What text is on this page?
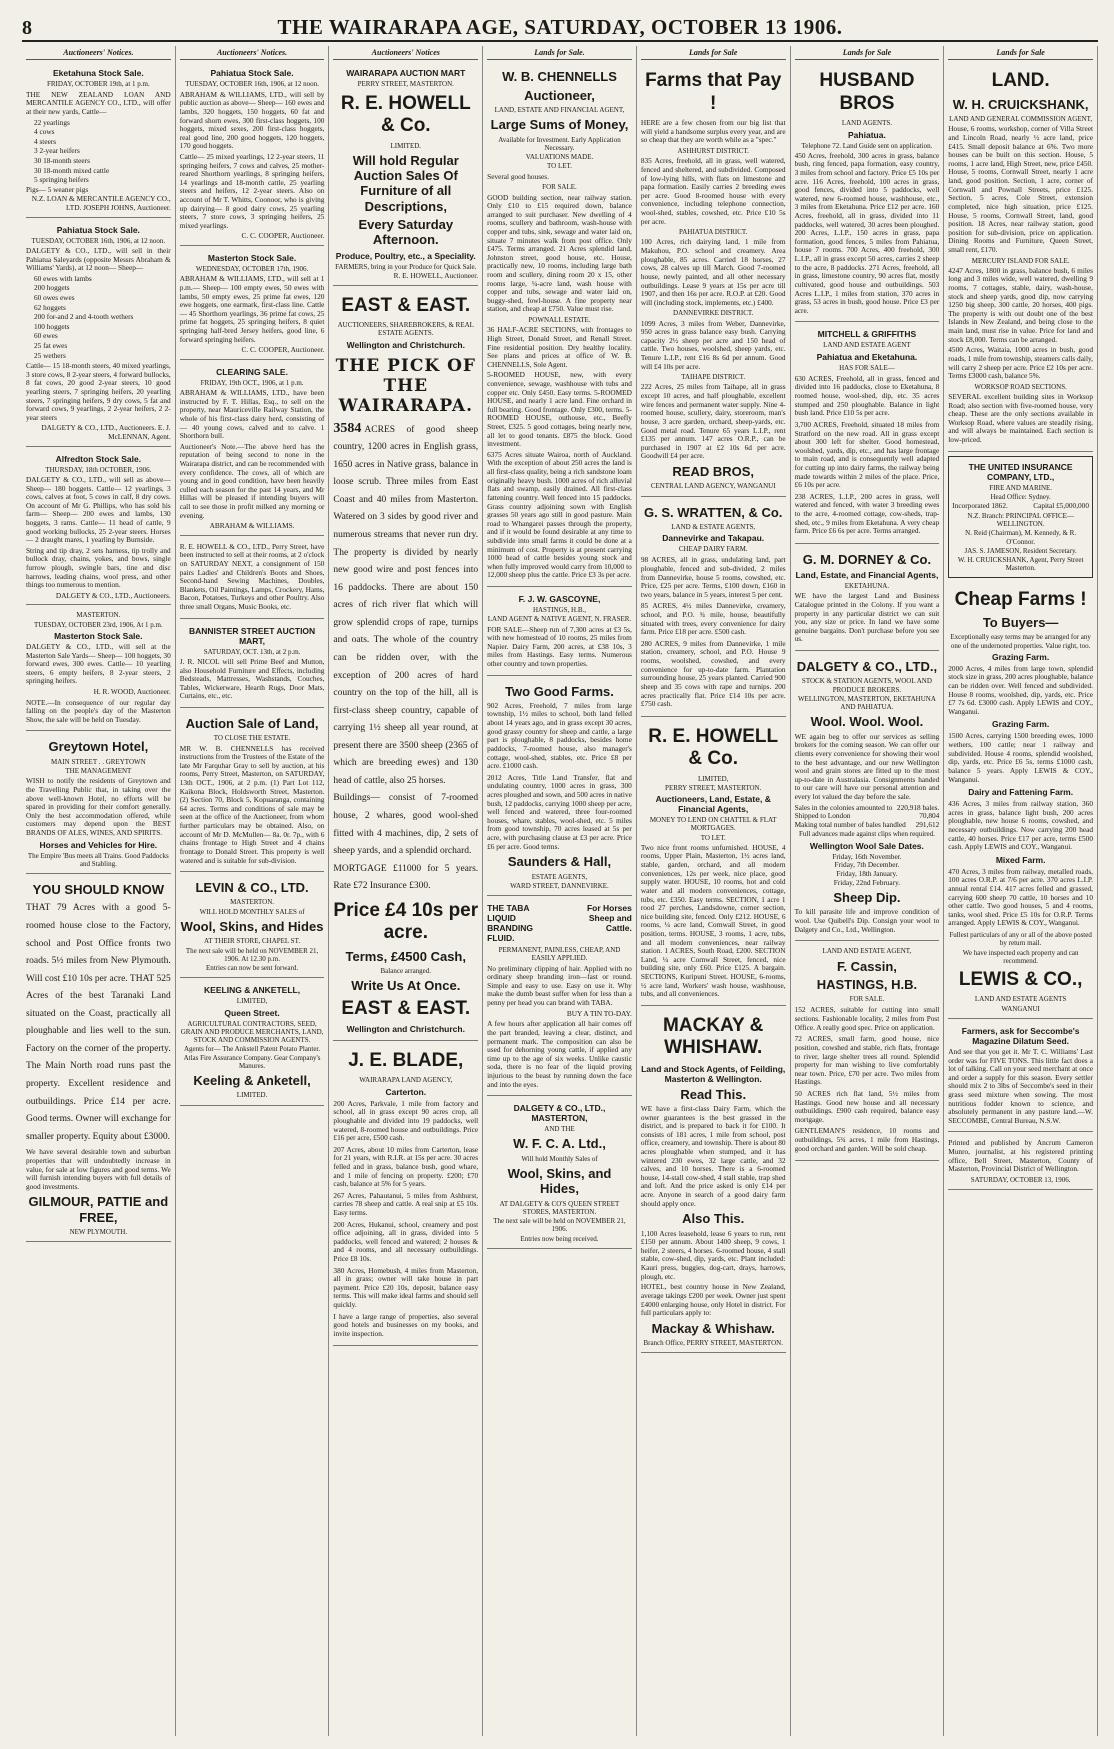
8	THE WAIRARAPA AGE, SATURDAY, OCTOBER 13 1906.
Auctioneers' Notices.
Eketahuna Stock Sale.
FRIDAY, OCTOBER 19th, at 1 p.m.
THE NEW ZEALAND LOAN AND MERCANTILE AGENCY CO., LTD., will offer at their new yards, Cattle—
22 yearlings
4 cows
4 steers
3 2-year heifers
30 18-month steers
30 18-month mixed cattle
5 springing heifers
Pigs— 5 weaner pigs
N.Z. LOAN & MERCANTILE AGENCY CO., LTD. JOSEPH JOHNS, Auctioneer.
Pahiatua Stock Sale.
TUESDAY, OCTOBER 16th, 1906, at 12 noon.
DALGETY & CO., LTD., will sell in their Pahiatua Saleyards (opposite Messrs Abraham & Williams' Yards), at 12 noon— Sheep—
60 ewes with lambs
200 hoggets
60 owes ewes
62 hoggets
200 for-and 2 and 4-tooth wethers
100 hoggets
60 ewes
25 fat ewes
25 wethers
Cattle— 15 18-month steers, 40 mixed yearlings, 3 store cows, 8 2-year steers, 4 forward bullocks, 8 fat cows, 20 good 2-year steers, 10 good yearling steers, 7 springing heifers, 20 yearling steers, 7 springing heifers, 9 dry cows, 5 fat and forward cows, 9 yearlings, 2 2-year heifers, 2 2-year steers
DALGETY & CO., LTD., Auctioneers. E. J. McLENNAN, Agent.
Alfredton Stock Sale.
THURSDAY, 18th OCTOBER, 1906.
DALGETY & CO., LTD., will sell as above— Sheep— 180 hoggets. Cattle— 12 yearlings, 3 cows, calves at foot, 5 cows in calf, 8 dry cows. On account of Mr G. Phillips, who has sold his farm— Sheep— 200 ewes and lambs, 130 hoggets, 3 rams. Cattle— 11 head of cattle, 9 good working bullocks, 25 2-year steers. Horses— 2 draught mares, 1 yearling by Burnside.
String and tip dray, 2 sets harness, tip trolly and bullock dray, chains, yokes, and bows, single furrow plough, swingle bars, tine and disc harrows, leading chains, wool press, and other things too numerous to mention.
DALGETY & CO., LTD., Auctioneers.
MASTERTON.
TUESDAY, OCTOBER 23rd, 1906, At 1 p.m.
Masterton Stock Sale.
DALGETY & CO., LTD., will sell at the Masterton Sale Yards— Sheep— 100 hoggets, 30 forward ewes, 300 ewes. Cattle— 10 yearling steers, 6 empty heifers, 8 2-year steers, 2 springing heifers.
H. R. WOOD, Auctioneer.
NOTE.—In consequence of our regular day falling on the people's day of the Masterton Show, the sale will be held on Tuesday.
Greytown Hotel,
MAIN STREET . . GREYTOWN
THE MANAGEMENT
WISH to notify the residents of Greytown and the Travelling Public that, in taking over the above well-known Hotel, no efforts will be spared in providing for their comfort generally. Only the best accommodation offered, while customers may depend upon the BEST BRANDS OF ALES, WINES, AND SPIRITS.
Horses and Vehicles for Hire.
The Empire 'Bus meets all Trains. Good Paddocks and Stabling.
YOU SHOULD KNOW
THAT 79 Acres with a good 5-roomed house close to the Factory, school and Post Office fronts two roads. 5½ miles from New Plymouth. Will cost £10 10s per acre. THAT 525 Acres of the best Taranaki Land situated on the Coast, practically all ploughable and lies well to the sun. Factory on the corner of the property. The Main North road runs past the property. Excellent residence and outbuildings. Price £14 per acre. Good terms. Owner will exchange for smaller property. Equity about £3000.
We have several desirable town and suburban properties that will undoubtedly increase in value, for sale at low figures and good terms. We will furnish intending buyers with full details of good investments.
GILMOUR, PATTIE and FREE,
NEW PLYMOUTH.
Auctioneers' Notices.
Pahiatua Stock Sale.
TUESDAY, OCTOBER 16th, 1906, at 12 noon.
ABRAHAM & WILLIAMS, LTD., will sell by public auction as above— Sheep— 160 ewes and lambs, 320 hoggets, 150 hoggets, 60 fat and forward shorn ewes, 300 first-class hoggets, 100 hoggets, mixed sexes, 200 first-class hoggets, real good line, 200 good hoggets, 120 hoggets, 170 good hoggets.
Cattle— 25 mixed yearlings, 12 2-year steers, 11 springing heifers, 7 cows and calves, 25 mother-reared Shorthorn yearlings, 8 springing heifers, 14 yearlings and 18-month cattle, 25 yearling steers and heifers, 12 2-year steers. Also on account of Mr T. Whitts, Coonoor, who is giving up dairying— 8 good dairy cows, 25 yearling steers, 7 store cows, 3 springing heifers, 25 mixed yearlings.
C. C. COOPER, Auctioneer.
Masterton Stock Sale.
WEDNESDAY, OCTOBER 17th, 1906.
ABRAHAM & WILLIAMS, LTD., will sell at 1 p.m.— Sheep— 100 empty ewes, 50 ewes with lambs, 50 empty ewes, 25 prime fat ewes, 120 ewe hoggets, one earmark, first-class line. Cattle— 45 Shorthorn yearlings, 36 prime fat cows, 25 prime fat hoggets, 25 springing heifers, 8 quiet springing half-bred Jersey heifers, good line, 6 forward springing heifers.
C. C. COOPER, Auctioneer.
CLEARING SALE.
FRIDAY, 19th OCT., 1906, at 1 p.m.
ABRAHAM & WILLIAMS, LTD., have been instructed by F. T. Hillas, Esq., to sell on the property, near Mauriceville Railway Station, the whole of his first-class dairy herd, consisting of— 40 young cows, calved and to calve. 1 Shorthorn bull.
Auctioneer's Note.—The above herd has the reputation of being second to none in the Wairarapa district, and can be recommended with every confidence. The cows, all of which are young and in good condition, have been heavily culled each season for the past 14 years, and Mr Hillas will be pleased if intending buyers will call to see those in profit milked any morning or evening.
ABRAHAM & WILLIAMS.
R. E. HOWELL & CO., LTD., Perry Street, have been instructed to sell at their rooms, at 2 o'clock on SATURDAY NEXT, a consignment of 150 pairs Ladies' and Children's Boots and Shoes, Second-hand Sewing Machines, Doubles, Blankets, Oil Paintings, Lamps, Crockery, Hams, Bacon, Potatoes, Turkeys and other Poultry. Also three small Organs, Music Books, etc.
BANNISTER STREET AUCTION MART,
SATURDAY, OCT. 13th, at 2 p.m.
J. R. NICOL will sell Prime Beef and Mutton, also Household Furniture and Effects, including Bedsteads, Mattresses, Washstands, Couches, Tables, Wickerware, Hearth Rugs, Door Mats, Curtains, etc., etc.
Auction Sale of Land,
TO CLOSE THE ESTATE.
MR W. B. CHENNELLS has received instructions from the Trustees of the Estate of the late Mr Farquhar Gray to sell by auction, at his rooms, Perry Street, Masterton, on SATURDAY, 13th OCT., 1906, at 2 p.m. (1) Part Lot 112, Kaikona Block, Holdsworth Street, Masterton. (2) Section 70, Block 5, Kopuaranga, containing 64 acres. Terms and conditions of sale may be seen at the office of the Auctioneer, from whom further particulars may be obtained. Also, on account of Mr D. McMullen— 8a. 0r. 7p., with 6 chains frontage to High Street and 4 chains frontage to Donald Street. This property is well watered and is suitable for sub-division.
LEVIN & CO., LTD.
MASTERTON.
WILL HOLD MONTHLY SALES of
Wool, Skins, and Hides
AT THEIR STORE, CHAPEL ST.
The next sale will be held on NOVEMBER 21, 1906. At 12.30 p.m.
Entries can now be sent forward.
KEELING & ANKETELL,
LIMITED,
Queen Street.
AGRICULTURAL CONTRACTORS, SEED, GRAIN AND PRODUCE MERCHANTS, LAND, STOCK AND COMMISSION AGENTS.
Agents for— The Ankstell Patent Potato Planter. Atlas Fire Assurance Company. Gear Company's Manures.
Keeling & Anketell,
LIMITED.
Auctioneers' Notices
WAIRARAPA AUCTION MART
PERRY STREET, MASTERTON.
R. E. HOWELL & Co.
LIMITED.
Will hold Regular Auction Sales Of Furniture of all Descriptions,
Every Saturday Afternoon.
Produce, Poultry, etc., a Speciality.
FARMERS, bring in your Produce for Quick Sale.
R. E. HOWELL, Auctioneer.
EAST & EAST.
AUCTIONEERS, SHAREBROKERS, & REAL ESTATE AGENTS.
Wellington and Christchurch.
THE PICK OF THE WAIRARAPA.
3584 ACRES of good sheep country, 1200 acres in English grass, 1650 acres in Native grass, balance in loose scrub. Three miles from East Coast and 40 miles from Masterton. Watered on 3 sides by good river and numerous streams that never run dry. The property is divided by nearly new good wire and post fences into 16 paddocks. There are about 150 acres of rich river flat which will grow splendid crops of rape, turnips and oats. The whole of the country can be ridden over, with the exception of 200 acres of hard country on the top of the hill, all is first-class sheep country, capable of carrying 1½ sheep all year round, at present there are 3500 sheep (2365 of which are breeding ewes) and 130 head of cattle, also 25 horses.
Buildings— consist of 7-roomed house, 2 whares, good wool-shed fitted with 4 machines, dip, 2 sets of sheep yards, and a splendid orchard.
MORTGAGE £11000 for 5 years. Rate £72 Insurance £300.
Price £4 10s per acre.
Terms, £4500 Cash,
Balance arranged.
Write Us At Once.
EAST & EAST.
Wellington and Christchurch.
J. E. BLADE,
WAIRARAPA LAND AGENCY,
Carterton.
200 Acres, Parkvale, 1 mile from factory and school, all in grass except 90 acres crop, all ploughable and divided into 19 paddocks, well watered, 8-roomed house and outbuildings. Price £16 per acre, £500 cash.
207 Acres, about 10 miles from Carterton, lease for 21 years, with R.I.R. at 15s per acre. 30 acres felled and in grass, balance bush, good whare, and 1 mile of fencing on property. £200; £70 cash, balance at 5% for 5 years.
267 Acres, Pahautanui, 5 miles from Ashhurst, carries 78 sheep and cattle. A real snip at £5 10s. Easy terms.
200 Acres, Hukanui, school, creamery and post office adjoining, all in grass, divided into 5 paddocks, well fenced and watered; 2 houses & and 4 rooms, and all necessary outbuildings. Price £8 10s.
380 Acres, Homebush, 4 miles from Masterton, all in grass; owner will take house in part payment. Price £20 10s, deposit, balance easy terms. This will make ideal farms and should sell quickly.
I have a large range of properties, also several good hotels and businesses on my books, and invite inspection.
Lands for Sale.
W. B. CHENNELLS
Auctioneer,
LAND, ESTATE AND FINANCIAL AGENT,
Large Sums of Money,
Available for Investment. Early Application Necessary.
VALUATIONS MADE.
TO LET.
Several good houses.
FOR SALE.
GOOD building section, near railway station. Only £10 to £15 required down, balance arranged to suit purchaser. New dwelling of 4 rooms, scullery and bathroom, wash-house with copper and tubs, sink, sewage and water laid on, situate 7 minutes walk from post office. Only £475. Terms arranged. 21 Acres splendid land, Johnston street, good house, etc. House, practically new, 10 rooms, including large bath room and scullery, dining room 20 x 15, other rooms large, ¼-acre land, wash house with copper and tubs, sewage and water laid on, buggy-shed, fowl-house. A fine property near station, and cheap at £750. Value must rise.
POWNALL ESTATE.
36 HALF-ACRE SECTIONS, with frontages to High Street, Donald Street, and Renall Street. Fine residential position. Dry healthy locality. See plans and prices at office of W. B. CHENNELLS, Sole Agent.
5-ROOMED HOUSE, new, with every convenience, sewage, washhouse with tubs and copper etc. Only £450. Easy terms. 5-ROOMED HOUSE, and nearly 1 acre land. Fine orchard in full bearing. Good frontage. Only £300, terms. 5-ROOMED HOUSE, outhouse, etc., Beefly Street, £325. 5 good cottages, being nearly new, all let to good tenants. £875 the block. Good investment.
6375 Acres situate Wairoa, north of Auckland. With the exception of about 250 acres the land is all first-class quality, being a rich sandstone loam originally heavy bush. 1000 acres of rich alluvial flats and swamp, easily drained. All first-class fattening country. Well fenced into 15 paddocks. Grass country adjoining sown with English grasses 50 years ago still in good pasture. Main road to Whangarei passes through the property, and if it would be found desirable at any time to subdivide into small farms it could be done at a minimum of cost. Property is at present carrying 1000 head of cattle besides young stock and when fully improved would carry from 10,000 to 12,000 sheep plus the cattle. Price £3 3s per acre.
F. J. W. GASCOYNE,
HASTINGS, H.B.,
LAND AGENT & NATIVE AGENT, N. FRASER.
FOR SALE—Sheep run of 7,300 acres at £3 5s, with new homestead of 10 rooms, 25 miles from Napier. Dairy Farm, 200 acres, at £38 10s, 3 miles from Hastings. Easy terms. Numerous other country and town properties.
Two Good Farms.
902 Acres, Freehold, 7 miles from large township, 1½ miles to school, both land felled about 14 years ago, and in grass except 30 acres, good grassy country for sheep and cattle, a large part is ploughable, 8 paddocks, besides home paddocks, 7-roomed house, also manager's cottage, wool-shed, stables, etc. Price £8 per acre. £1000 cash.
2012 Acres, Title Land Transfer, flat and undulating country, 1000 acres in grass, 300 acres ploughed and sown, and 500 acres in native bush, 12 paddocks, carrying 1000 sheep per acre, well fenced and watered, three four-roomed houses, whare, stables, wool-shed, etc. 5 miles from good township, 70 acres leased at 5s per acre, with purchasing clause at £3 per acre. Price £6 per acre. Good terms.
Saunders & Hall,
ESTATE AGENTS,
WARD STREET, DANNEVIRKE.
THE TABA LIQUID BRANDING FLUID.
For Horses Sheep and Cattle.
PERMANENT, PAINLESS, CHEAP, AND EASILY APPLIED.
No preliminary clipping of hair. Applied with no ordinary sheep branding iron—fast or round. Simple and easy to use. Easy on use it. Why make the dumb beast suffer when for less than a penny per head you can brand with TABA.
BUY A TIN TO-DAY.
A few hours after application all hair comes off the part branded, leaving a clear, distinct, and permanent mark. The composition can also be used for dehorning young cattle, if applied any time up to the age of six weeks. Unlike caustic soda, there is no fear of the liquid proving injurious to the beast by running down the face and into the eyes.
DALGETY & CO., LTD., MASTERTON,
AND THE
W. F. C. A. Ltd.,
Will hold Monthly Sales of
Wool, Skins, and Hides,
AT DALGETY & CO'S QUEEN STREET STORES, MASTERTON.
The next sale will be held on NOVEMBER 21, 1906.
Entries now being received.
Lands for Sale
Farms that Pay !
HERE are a few chosen from our big list that will yield a handsome surplus every year, and are so cheap that they are worth while as a "spec."
ASHHURST DISTRICT.
835 Acres, freehold, all in grass, well watered, fenced and sheltered, and subdivided. Composed of low-lying hills, with flats on limestone and papa formation. Easily carries 2 breeding ewes per acre. Good 8-roomed house with every convenience, including telephone connection, wool-shed, stables, cowshed, etc. Price £10 5s per acre.
PAHIATUA DISTRICT.
100 Acres, rich dairying land, 1 mile from Makuhou, P.O. school and creamery. Area ploughable, 85 acres. Carried 18 horses, 27 cows, 28 calves up till March. Good 7-roomed house, newly painted, and all other necessary outbuildings. Lease 9 years at 15s per acre till 1907, and then 16s per acre. R.O.P. at £20. Good will (including stock, implements, etc.) £400.
DANNEVIRKE DISTRICT.
1099 Acres, 3 miles from Weber, Dannevirke, 950 acres in grass balance easy bush. Carrying capacity 2½ sheep per acre and 150 head of cattle. Two houses, woolshed, sheep yards, etc. Tenure L.I.P., rent £16 8s 6d per annum. Good will £4 10s per acre.
TAIHAPE DISTRICT.
222 Acres, 25 miles from Taihape, all in grass except 10 acres, and half ploughable, excellent wire fences and permanent water supply. Nine 4-roomed house, scullery, dairy, storeroom, man's house, 3 acre garden, orchard, sheep-yards, etc. Good metal road. Tenure 65 years L.I.P., rent £135 per annum. 147 acres O.R.P., can be purchased in 1907 at £2 10s 6d per acre. Goodwill £4 per acre.
READ BROS,
CENTRAL LAND AGENCY, WANGANUI
G. S. WRATTEN, & Co.
LAND & ESTATE AGENTS,
Dannevirke and Takapau.
CHEAP DAIRY FARM.
98 ACRES, all in grass, undulating land, part ploughable, fenced and sub-divided, 2 miles from Dannevirke, house 5 rooms, cowshed, etc. Price, £25 per acre. Terms, £100 down, £160 in two years, balance in 5 years, interest 5 per cent.
85 ACRES, 4½ miles Dannevirke, creamery, school, and P.O. ¾ mile, house, beautifully situated with trees, every convenience for dairy farm. Price £18 per acre. £500 cash.
280 ACRES, 9 miles from Dannevirke, 1 mile station, creamery, school, and P.O. House 9 rooms, woolshed, cowshed, and every convenience for up-to-date farm. Plantation surrounding house, 25 years planted. Carried 900 sheep and 35 cows with rape and turnips. 200 acres practically flat. Price £14 10s per acre. £750 cash.
R. E. HOWELL & Co.
LIMITED,
PERRY STREET, MASTERTON.
Auctioneers, Land, Estate, & Financial Agents,
MONEY TO LEND ON CHATTEL & FLAT MORTGAGES.
TO LET.
Two nice front rooms unfurnished. HOUSE, 4 rooms, Upper Plain, Masterton, 1½ acres land, stable, garden, orchard, and all modern conveniences, 12s per week, nice place, good supply water. HOUSE, 10 rooms, hot and cold water and all modern conveniences, cottage, tubs, etc. £350. Easy terms. SECTION, 1 acre 1 rood 27 perches, Landsdowne, corner section, nice building site, fenced. Only £212. HOUSE, 6 rooms, ¼ acre land, Cornwall Street, in good position, terms. HOUSE, 3 rooms, 1 acre, tubs, and all modern conveniences, near railway station. 1 ACRES, South Road, £200. SECTION Land, ¼ acre Cornwall Street, fenced, nice building site, only £60. Price £125. A bargain. SECTIONS, Kuripuni Street. HOUSE, 6-rooms, ½ acre land, Workers' wash house, washhouse, tubs, and all conveniences.
MACKAY & WHISHAW.
Land and Stock Agents, of Feilding, Masterton & Wellington.
Read This.
WE have a first-class Dairy Farm, which the owner guarantees is the best grassed in the district, and is prepared to back it for £100. It consists of 181 acres, 1 mile from school, post office, creamery, and township. There is about 80 acres ploughable when stumped, and it has wintered 230 ewes, 32 large cattle, and 32 calves, and 10 horses. There is a 6-roomed house, 14-stall cow-shed, 4 stall stable, trap shed and loft. And the price asked is only £14 per acre. Anyone in search of a good dairy farm should apply once.
Also This.
1,100 Acres leasehold, lease 6 years to run, rent £150 per annum. About 1400 sheep, 9 cows, 1 heifer, 2 steers, 4 horses. 6-roomed house, 4 stall stable, cow-shed, dip, yards, etc. Plant included: Kauri press, buggies, dog-cart, drays, harrows, plough, etc.
HOTEL, best country house in New Zealand, average takings £200 per week. Owner just spent £4000 enlarging house, only Hotel in district. For full particulars apply to:
Mackay & Whishaw.
Branch Office, PERRY STREET, MASTERTON.
Lands for Sale
HUSBAND BROS
LAND AGENTS.
Pahiatua.
Telephone 72. Land Guide sent on application.
450 Acres, freehold, 300 acres in grass, balance bush, ring fenced, papa formation, easy country, 3 miles from school and factory. Price £5 10s per acre. 116 Acres, freehold, 100 acres in grass, good fences, divided into 5 paddocks, well watered, new 6-roomed house, washhouse, etc., 3 miles from Eketahuna. Price £12 per acre. 160 Acres, freehold, all in grass, divided into 11 paddocks, well watered, 30 acres been ploughed. 200 Acres, L.I.P., 150 acres in grass, papa formation, good fences, 5 miles from Pahiatua, house 7 rooms. 700 Acres, 400 freehold, 300 L.I.P., all in grass except 50 acres, carries 2 sheep to the acre, 8 paddocks. 271 Acres, freehold, all in grass, limestone country, 90 acres flat, mostly cultivated, good house and outbuildings. 503 Acres L.I.P., 1 miles from station, 370 acres in grass, 53 acres in bush, good house. Price £3 per acre.
MITCHELL & GRIFFITHS
LAND AND ESTATE AGENT
Pahiatua and Eketahuna.
HAS FOR SALE—
630 ACRES, Freehold, all in grass, fenced and divided into 16 paddocks, close to Eketahuna, 8 roomed house, wool-shed, dip, etc. 35 acres stumped and 250 ploughable. Balance in light bush land. Price £10 5s per acre.
3,700 ACRES, Freehold, situated 18 miles from Stratford on the new road. All in grass except about 300 left for shelter. Good homestead, woolshed, yards, dip, etc., and has large frontage to main road, and is consequently well adapted for cutting up into dairy farms, the railway being made towards within 2 miles of the place. Price, £6 10s per acre.
238 ACRES, L.I.P., 200 acres in grass, well watered and fenced, with water 3 breeding ewes to the acre, 4-roomed cottage, cow-sheds, trap-shed, etc., 9 miles from Eketahuna. A very cheap farm. Price £6 6s per acre. Terms arranged.
G. M. DORNEY & Co.
Land, Estate, and Financial Agents,
EKETAHUNA.
WE have the largest Land and Business Catalogue printed in the Colony. If you want a property in any particular district we can suit you, any size or price. In land we have some genuine bargains. Don't purchase before you see us.
DALGETY & CO., LTD.,
STOCK & STATION AGENTS, WOOL AND PRODUCE BROKERS.
WELLINGTON, MASTERTON, EKETAHUNA AND PAHIATUA.
Wool. Wool. Wool.
WE again beg to offer our services as selling brokers for the coming season. We can offer our clients every convenience for showing their wool to the best advantage, and our new Wellington wool and grain stores are fitted up to the most up-to-date in Australasia. Consignments handed to our care will have our personal attention and every lot valued the day before the sale.
Sales in the colonies amounted to 220,918 bales.
Shipped to London	70,804
Making total number of bales handled 291,612
Full advances made against clips when required.
Wellington Wool Sale Dates.
Friday, 16th November.
Friday, 7th December.
Friday, 18th January.
Friday, 22nd February.
Sheep Dip.
To kill parasite life and improve condition of wool. Use Quibell's Dip. Consign your wool to Dalgety and Co., Ltd., Wellington.
LAND AND ESTATE AGENT,
F. Cassin,
HASTINGS, H.B.
FOR SALE.
152 ACRES, suitable for cutting into small sections. Fashionable locality, 2 miles from Post Office. A really good spec. Price on application.
72 ACRES, small farm, good house, nice position, cowshed and stable, rich flats, frontage to river, large shelter trees all round. Splendid property for man wishing to live comfortably near town. Price, £70 per acre. Two miles from Hastings.
50 ACRES rich flat land, 5½ miles from Hastings. Good new house and all necessary outbuildings. £900 cash required, balance easy mortgage.
GENTLEMAN'S residence, 10 rooms and outbuildings, 5¾ acres, 1 mile from Hastings, good orchard and garden. Will be sold cheap.
Lands for Sale
LAND.
W. H. CRUICKSHANK,
LAND AND GENERAL COMMISSION AGENT,
House, 6 rooms, workshop, corner of Villa Street and Lincoln Road, nearly ½ acre land, price £415. Small deposit balance at 6%. Two more houses can be built on this section. House, 5 rooms, 1 acre land, High Street, new, price £450. House, 5 rooms, Cornwall Street, nearly 1 acre land, good position. Section, 1 acre, corner of Cornwall and Pownall Streets, price £125. Section, 5 acres, Cole Street, extension completed, nice high situation, price £125. House, 5 rooms, Cornwall Street, land, good position. 18 Acres, near railway station, good position for sub-division, price on application. Dining Rooms and Furniture, Queen Street, small rent, £170.
MERCURY ISLAND FOR SALE.
4247 Acres, 1800 in grass, balance bush, 6 miles long and 3 miles wide, well watered, dwelling 9 rooms, 7 cottages, stable, dairy, wash-house, stock and sheep yards, good dip, now carrying 1250 big sheep, 300 cattle, 20 horses, 400 pigs. The property is with out doubt one of the best Islands in New Zealand, and being close to the main land, must rise in value. Price for land and stock £8,000. Terms can be arranged.
4500 Acres, Waitaia, 1000 acres in bush, good roads, 1 mile from township, steamers calls daily, will carry 2 sheep per acre. Price £2 10s per acre. Terms £3000 cash, balance 5%.
WORKSOP ROAD SECTIONS.
SEVERAL excellent building sites in Worksop Road; also section with five-roomed house, very cheap. These are the only sections available in Worksop Road, where values are steadily rising, and will always be maintained. Each section is low-priced.
THE UNITED INSURANCE COMPANY, LTD.,
FIRE AND MARINE.
Head Office: Sydney.
Incorporated 1862.	Capital £5,000,000
N.Z. Branch: PRINCIPAL OFFICE—WELLINGTON.
N. Reid (Chairman), M. Kennedy, & R. O'Connor.
JAS. S. JAMESON, Resident Secretary.
W. H. CRUICKSHANK, Agent, Perry Street Masterton.
Cheap Farms !
To Buyers—
Exceptionally easy terms may be arranged for any one of the undernoted properties. Value right, too.
Grazing Farm.
2000 Acres, 4 miles from large town, splendid stock size in grass, 200 acres ploughable, balance can be ridden over. Well fenced and subdivided. House 8 rooms, woolshed, dip, yards, etc. Price £7 7s 6d. £3000 cash. Apply LEWIS and COY., Wanganui.
Grazing Farm.
1500 Acres, carrying 1500 breeding ewes, 1000 wethers, 100 cattle; near 1 railway and subdivided. House 4 rooms, splendid woolshed, dip, yards, etc. Price £6 5s, terms £1000 cash, balance 5 years. Apply LEWIS & COY., Wanganui.
Dairy and Fattening Farm.
436 Acres, 3 miles from railway station, 360 acres in grass, balance light bush, 200 acres ploughable, new house 6 rooms, cowshed, and necessary outbuildings. Now carrying 200 head cattle, 40 horses. Price £17 per acre, terms £500 cash. Apply LEWIS and COY., Wanganui.
Mixed Farm.
470 Acres, 3 miles from railway, metalled roads, 100 acres O.R.P. at 7/6 per acre. 370 acres L.I.P. annual rental £14. 417 acres felled and grassed, carrying 600 sheep 70 cattle, 10 horses and 10 other cattle. Two good houses, 5 and 4 rooms, tanks, wool shed. Price £5 10s for O.R.P. Terms arranged. Apply LEWIS & COY., Wanganui.
Fullest particulars of any or all of the above posted by return mail.
We have inspected each property and can recommend.
LEWIS & CO.,
LAND AND ESTATE AGENTS
WANGANUI
Farmers, ask for Seccombe's Magazine Dilatum Seed.
And see that you get it. Mr T. C. Williams' Last order was for FIVE TONS. This little fact does a lot of talking. Call on your seed merchant at once and order a supply for this season. Every settler should mix 2 to 3lbs of Seccombe's seed in their grass seed mixture when sowing. The most nutritious fodder known to science, and absolutely permanent in any pasture land.—W. SECCOMBE, Central Bureau, N.S.W.
Printed and published by Ancrum Cameron Munro, journalist, at his registered printing office, Bell Street, Masterton, County of Masterton, Provincial District of Wellington.
SATURDAY, OCTOBER 13, 1906.
